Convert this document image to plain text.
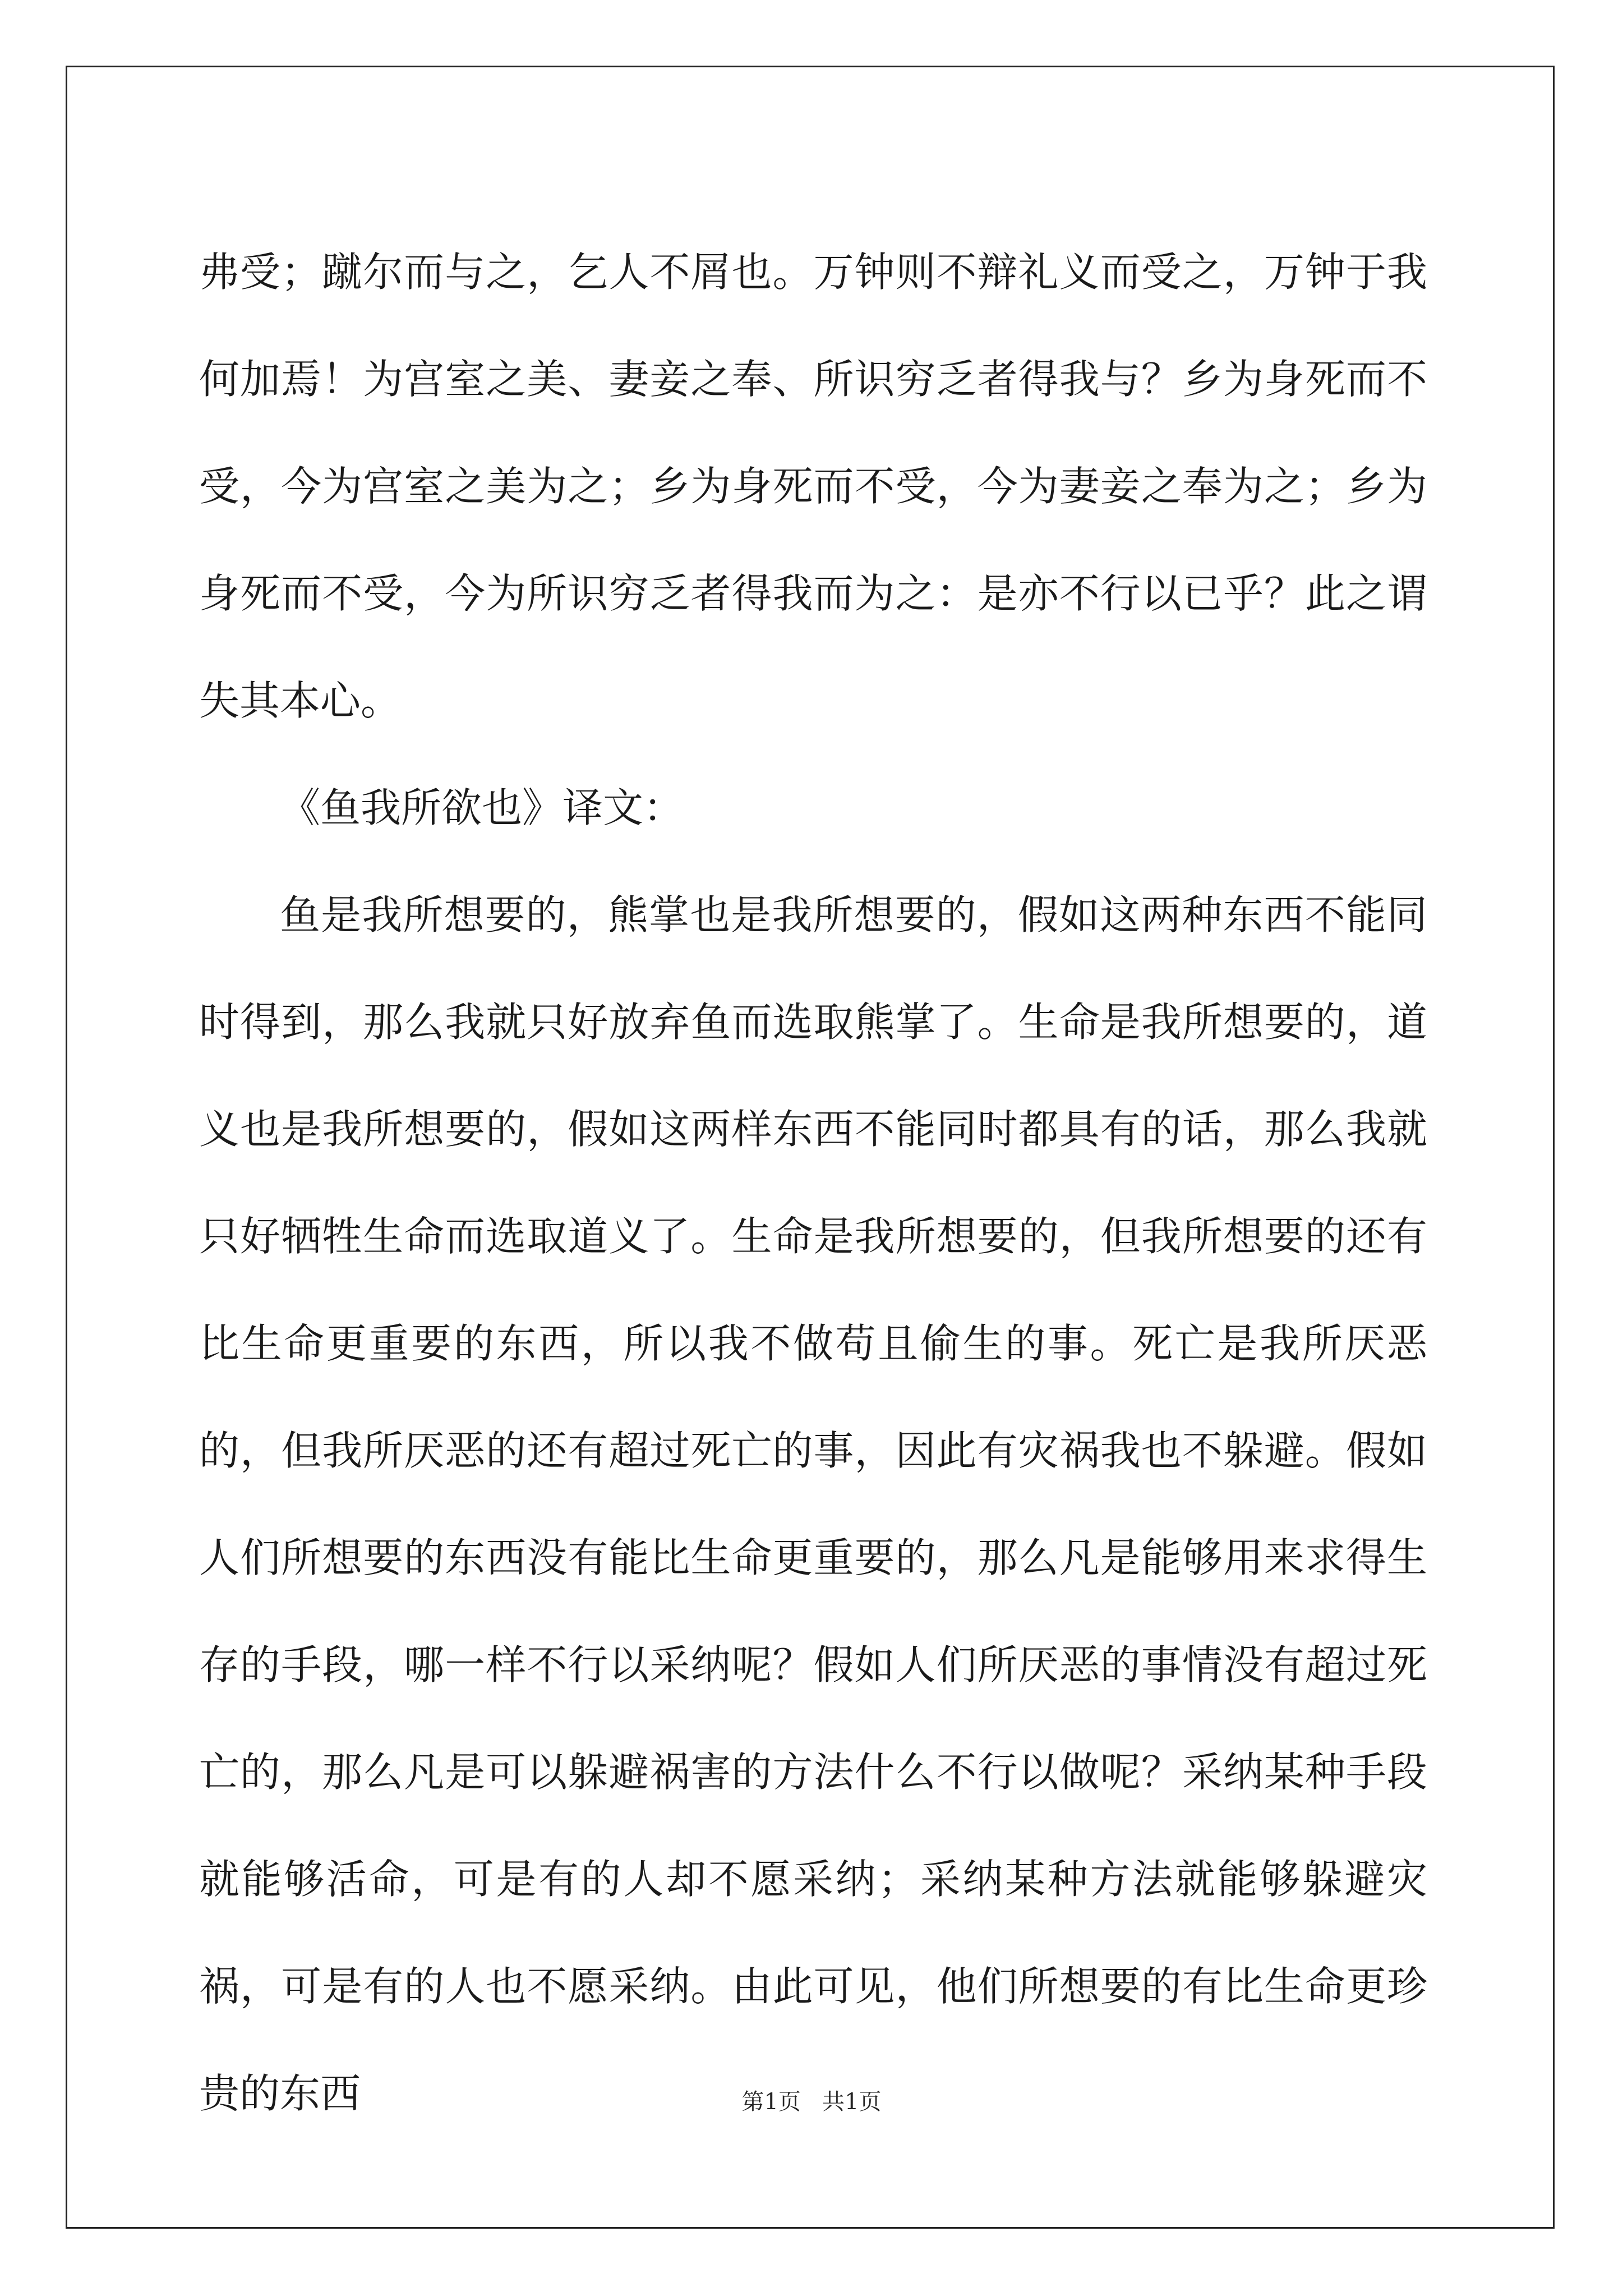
弗受；蹴尔而与之，乞人不屑也。万钟则不辩礼义而受之，万钟于我何加焉！为宫室之美、妻妾之奉、所识穷乏者得我与？乡为身死而不受，今为宫室之美为之；乡为身死而不受，今为妻妾之奉为之；乡为身死而不受，今为所识穷乏者得我而为之：是亦不行以已乎？此之谓失其本心。

《鱼我所欲也》译文：

鱼是我所想要的，熊掌也是我所想要的，假如这两种东西不能同时得到，那么我就只好放弃鱼而选取熊掌了。生命是我所想要的，道义也是我所想要的，假如这两样东西不能同时都具有的话，那么我就只好牺牲生命而选取道义了。生命是我所想要的，但我所想要的还有比生命更重要的东西，所以我不做苟且偷生的事。死亡是我所厌恶的，但我所厌恶的还有超过死亡的事，因此有灾祸我也不躲避。假如人们所想要的东西没有能比生命更重要的，那么凡是能够用来求得生存的手段，哪一样不行以采纳呢？假如人们所厌恶的事情没有超过死亡的，那么凡是可以躲避祸害的方法什么不行以做呢？采纳某种手段就能够活命，可是有的人却不愿采纳；采纳某种方法就能够躲避灾祸，可是有的人也不愿采纳。由此可见，他们所想要的有比生命更珍贵的东西	第1页   共1页
